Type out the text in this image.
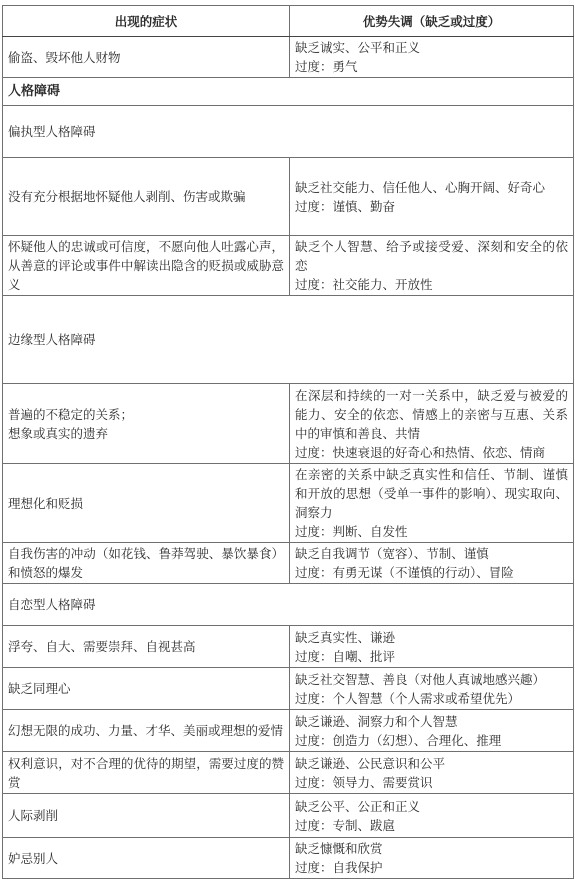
出现的症状	优势失调（缺乏或过度）

偷盗、毁坏他人财物	缺乏诚实、公平和正义
过度：勇气

人格障碍	
偏执型人格障碍	

没有充分根据地怀疑他人剥削、伤害或欺骗	缺乏社交能力、信任他人、心胸开阔、好奇心
过度：谨慎、勤奋

怀疑他人的忠诚或可信度，不愿向他人吐露心声，从善意的评论或事件中解读出隐含的贬损或威胁意义	缺乏个人智慧、给予或接受爱、深刻和安全的依恋
过度：社交能力、开放性

边缘型人格障碍	

普遍的不稳定的关系；
想象或真实的遗弃	在深层和持续的一对一关系中，缺乏爱与被爱的能力、安全的依恋、情感上的亲密与互惠、关系中的审慎和善良、共情
过度：快速衰退的好奇心和热情、依恋、情商

理想化和贬损	在亲密的关系中缺乏真实性和信任、节制、谨慎和开放的思想（受单一事件的影响）、现实取向、洞察力
过度：判断、自发性

自我伤害的冲动（如花钱、鲁莽驾驶、暴饮暴食）和愤怒的爆发	缺乏自我调节（宽容）、节制、谨慎
过度：有勇无谋（不谨慎的行动）、冒险

自恋型人格障碍	

浮夸、自大、需要崇拜、自视甚高	缺乏真实性、谦逊
过度：自嘲、批评

缺乏同理心	缺乏社交智慧、善良（对他人真诚地感兴趣）
过度：个人智慧（个人需求或希望优先）

幻想无限的成功、力量、才华、美丽或理想的爱情	缺乏谦逊、洞察力和个人智慧
过度：创造力（幻想）、合理化、推理

权利意识，对不合理的优待的期望，需要过度的赞赏	缺乏谦逊、公民意识和公平
过度：领导力、需要赏识

人际剥削	缺乏公平、公正和正义
过度：专制、跋扈

妒忌别人	缺乏慷慨和欣赏
过度：自我保护
